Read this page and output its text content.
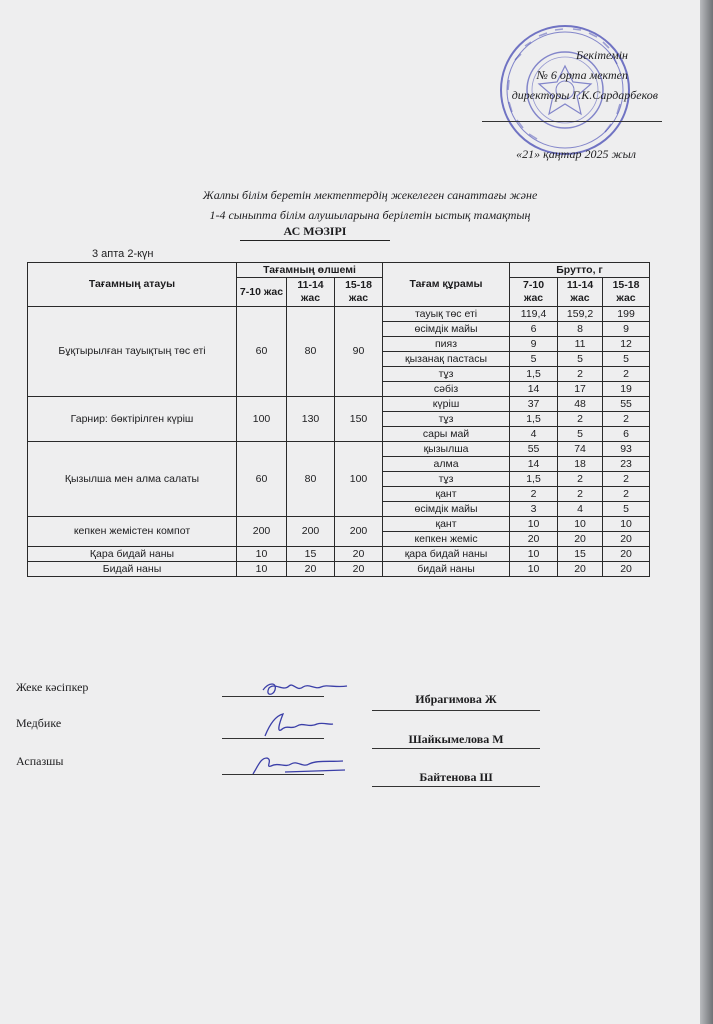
Бекітемін
№ 6 орта мектеп
директоры Г.К.Сардарбеков
«21» қаңтар 2025 жыл
Жалпы білім беретін мектептердің жекелеген санаттағы және
1-4 сыныпта білім алушыларына берілетін ыстық тамақтың
АС МӘЗІРІ
3 апта 2-күн
Тағамның атауы	Тағамның өлшемі			Тағам құрамы	Брутто, г		
	7-10 жас	11-14 жас	15-18 жас		7-10 жас	11-14 жас	15-18 жас
Бұқтырылған тауықтың төс еті	60	80	90	тауық төс еті	119,4	159,2	199
				өсімдік майы	6	8	9
				пияз	9	11	12
				қызанақ пастасы	5	5	5
				тұз	1,5	2	2
				сәбіз	14	17	19
Гарнир: бөктірілген күріш	100	130	150	күріш	37	48	55
				тұз	1,5	2	2
				сары май	4	5	6
Қызылша мен алма салаты	60	80	100	қызылша	55	74	93
				алма	14	18	23
				тұз	1,5	2	2
				қант	2	2	2
				өсімдік майы	3	4	5
кепкен жемістен компот	200	200	200	қант	10	10	10
				кепкен жеміс	20	20	20
Қара бидай наны	10	15	20	қара бидай наны	10	15	20
Бидай наны	10	20	20	бидай наны	10	20	20
Жеке кәсіпкер
Ибрагимова Ж
Медбике
Шайкымелова М
Аспазшы
Байтенова Ш
